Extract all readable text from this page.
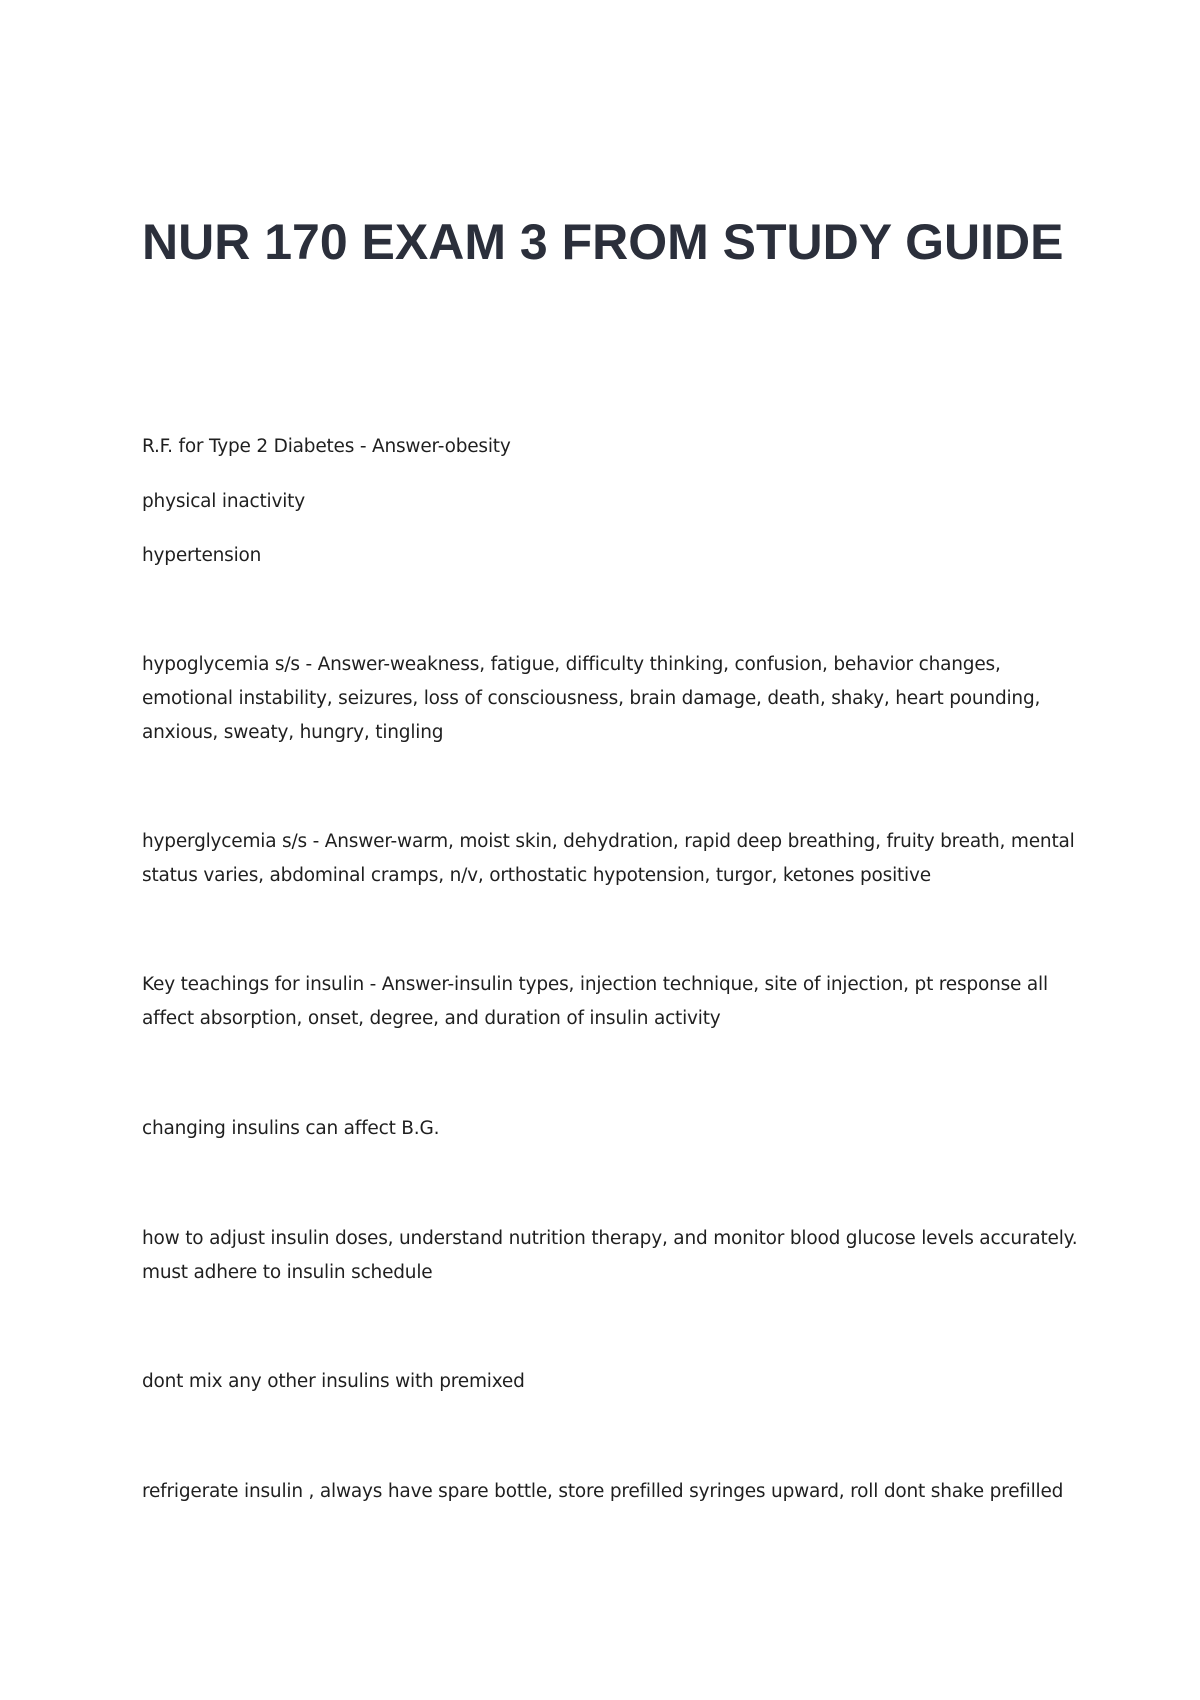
NUR 170 EXAM 3 FROM STUDY GUIDE

R.F. for Type 2 Diabetes - Answer-obesity

physical inactivity

hypertension

hypoglycemia s/s - Answer-weakness, fatigue, difficulty thinking, confusion, behavior changes,
emotional instability, seizures, loss of consciousness, brain damage, death, shaky, heart pounding,
anxious, sweaty, hungry, tingling

hyperglycemia s/s - Answer-warm, moist skin, dehydration, rapid deep breathing, fruity breath, mental
status varies, abdominal cramps, n/v, orthostatic hypotension, turgor, ketones positive

Key teachings for insulin - Answer-insulin types, injection technique, site of injection, pt response all
affect absorption, onset, degree, and duration of insulin activity

changing insulins can affect B.G.

how to adjust insulin doses, understand nutrition therapy, and monitor blood glucose levels accurately.
must adhere to insulin schedule

dont mix any other insulins with premixed

refrigerate insulin , always have spare bottle, store prefilled syringes upward, roll dont shake prefilled
